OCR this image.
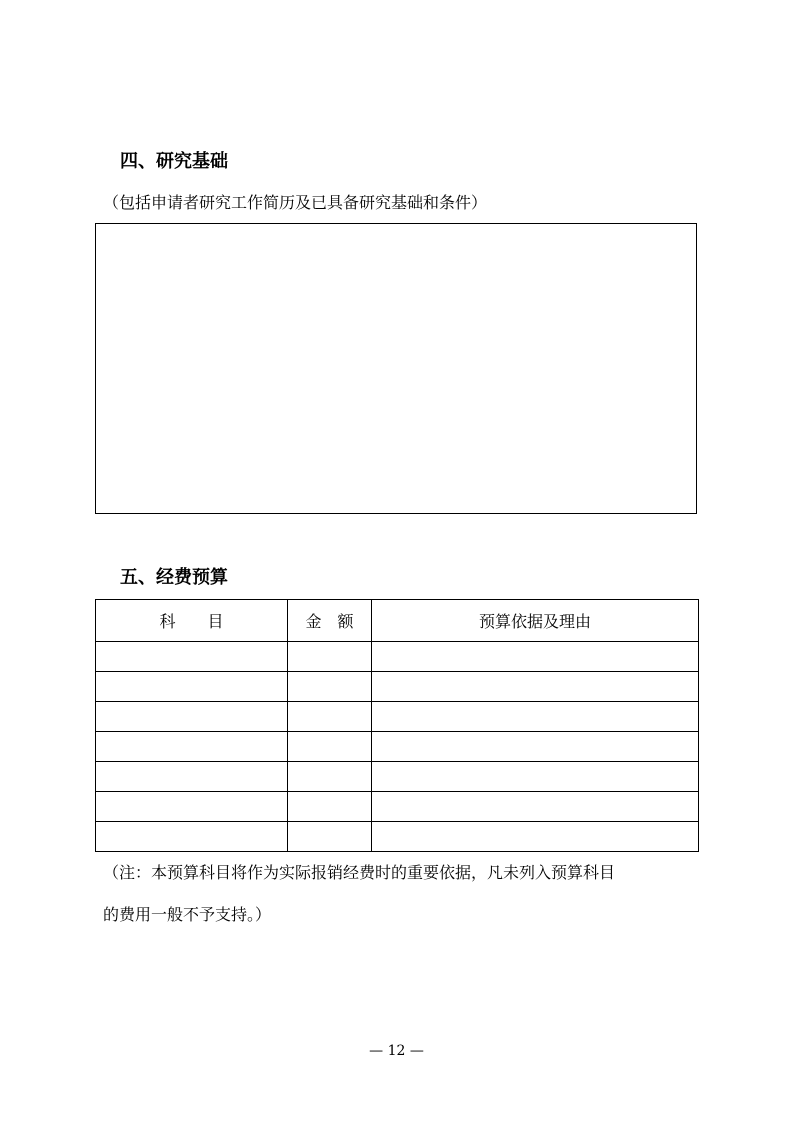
四、研究基础
（包括申请者研究工作简历及已具备研究基础和条件）
五、经费预算
科　　目	金　额	预算依据及理由

（注：本预算科目将作为实际报销经费时的重要依据，凡未列入预算科目
的费用一般不予支持。）
— 12 —
